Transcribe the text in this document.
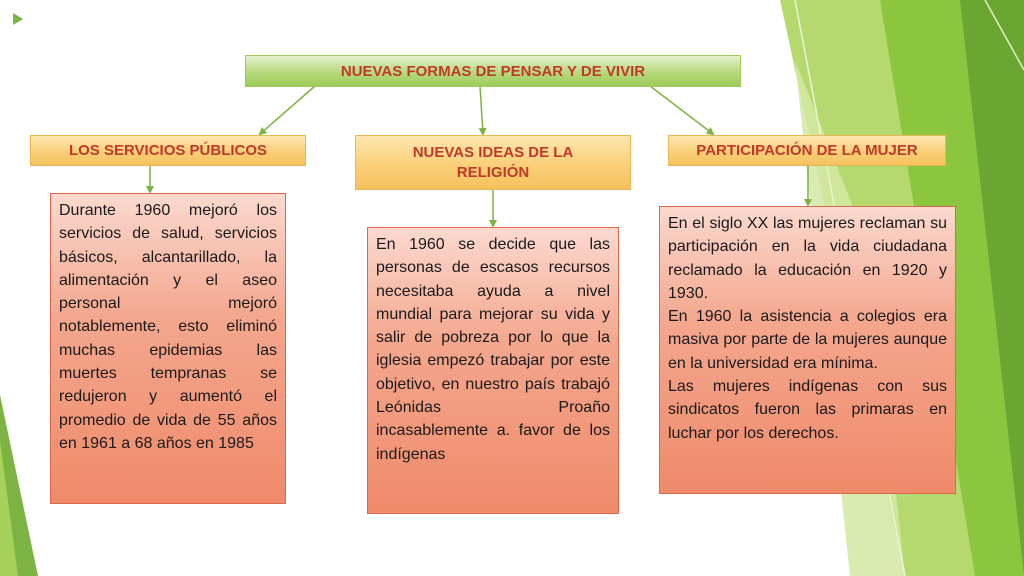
NUEVAS FORMAS DE PENSAR Y DE VIVIR
LOS SERVICIOS PÚBLICOS	NUEVAS IDEAS DE LA RELIGIÓN
PARTICIPACIÓN DE LA MUJER

Durante 1960 mejoró los servicios de salud, servicios básicos, alcantarillado, la alimentación y el aseo personal mejoró notablemente, esto eliminó muchas epidemias las muertes tempranas se redujeron y aumentó el promedio de vida de 55 años en 1961 a 68 años en 1985

En 1960 se decide que las personas de escasos recursos necesitaba ayuda a nivel mundial para mejorar su vida y salir de pobreza por lo que la iglesia empezó trabajar por este objetivo, en nuestro país trabajó Leónidas Proaño incasablemente a. favor de los indígenas

En el siglo XX las mujeres reclaman su participación en la vida ciudadana reclamado la educación en 1920 y 1930.

En 1960 la asistencia a colegios era masiva por parte de la mujeres aunque en la universidad era mínima.

Las mujeres indígenas con sus sindicatos fueron las primaras en luchar por los derechos.
